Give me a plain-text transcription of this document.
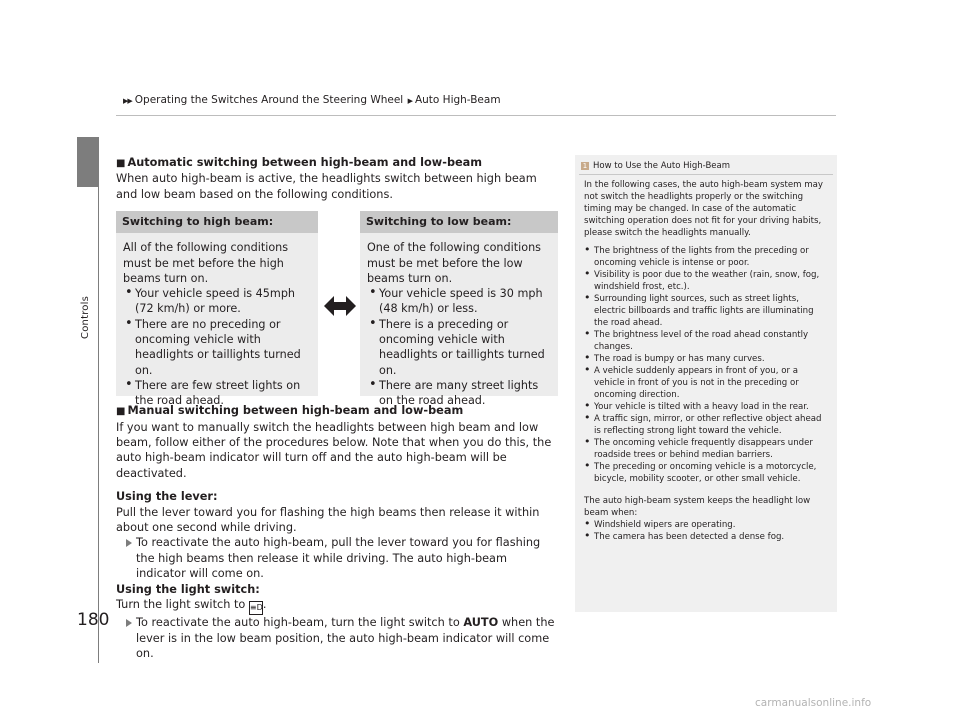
Controls
180
▶▶ Operating the Switches Around the Steering Wheel ▶ Auto High-Beam

■ Automatic switching between high-beam and low-beam

When auto high-beam is active, the headlights switch between high beam and low beam based on the following conditions.

Switching to high beam:

All of the following conditions must be met before the high beams turn on.

• Your vehicle speed is 45mph (72 km/h) or more.
• There are no preceding or oncoming vehicle with headlights or taillights turned on.
• There are few street lights on the road ahead.
Switching to low beam:

One of the following conditions must be met before the low beams turn on.

• Your vehicle speed is 30 mph (48 km/h) or less.
• There is a preceding or oncoming vehicle with headlights or taillights turned on.
• There are many street lights on the road ahead.

■ Manual switching between high-beam and low-beam

If you want to manually switch the headlights between high beam and low beam, follow either of the procedures below. Note that when you do this, the auto high-beam indicator will turn off and the auto high-beam will be deactivated.

Using the lever:

Pull the lever toward you for flashing the high beams then release it within about one second while driving.

To reactivate the auto high-beam, pull the lever toward you for flashing the high beams then release it while driving. The auto high-beam indicator will come on.

Using the light switch:

Turn the light switch to ≡D.

To reactivate the auto high-beam, turn the light switch to AUTO when the lever is in the low beam position, the auto high-beam indicator will come on.

1 How to Use the Auto High-Beam

In the following cases, the auto high-beam system may not switch the headlights properly or the switching timing may be changed. In case of the automatic switching operation does not fit for your driving habits, please switch the headlights manually.

• The brightness of the lights from the preceding or oncoming vehicle is intense or poor.
• Visibility is poor due to the weather (rain, snow, fog, windshield frost, etc.).
• Surrounding light sources, such as street lights, electric billboards and traffic lights are illuminating the road ahead.
• The brightness level of the road ahead constantly changes.
• The road is bumpy or has many curves.
• A vehicle suddenly appears in front of you, or a vehicle in front of you is not in the preceding or oncoming direction.
• Your vehicle is tilted with a heavy load in the rear.
• A traffic sign, mirror, or other reflective object ahead is reflecting strong light toward the vehicle.
• The oncoming vehicle frequently disappears under roadside trees or behind median barriers.
• The preceding or oncoming vehicle is a motorcycle, bicycle, mobility scooter, or other small vehicle.

The auto high-beam system keeps the headlight low beam when:

• Windshield wipers are operating.
• The camera has been detected a dense fog.
carmanualsonline.info
